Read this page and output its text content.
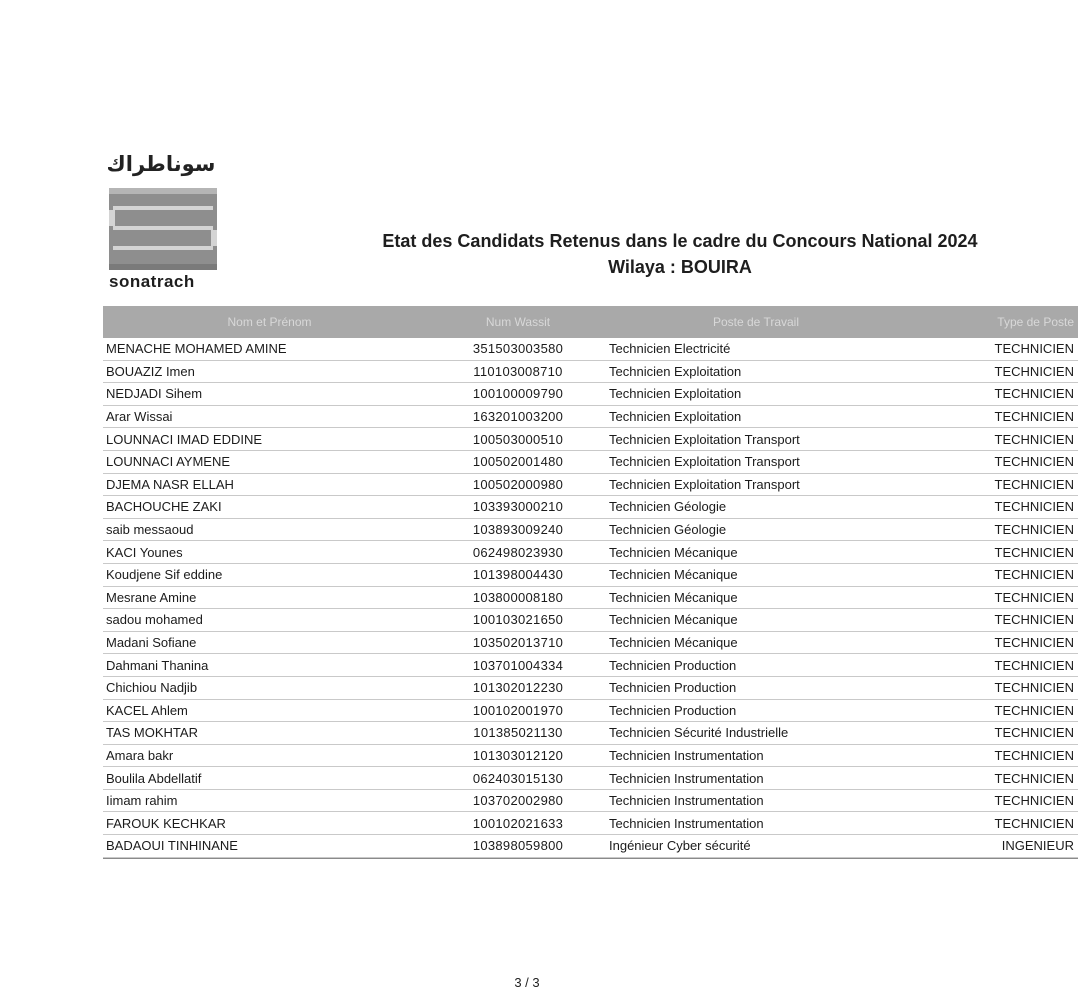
سوناطراك
sonatrach

Etat des Candidats Retenus dans le cadre du Concours National 2024

Wilaya : BOUIRA

Nom et Prénom	Num Wassit	Poste de Travail	Type de Poste
MENACHE MOHAMED AMINE	351503003580	Technicien Electricité	TECHNICIEN
BOUAZIZ Imen	110103008710	Technicien Exploitation	TECHNICIEN
NEDJADI Sihem	100100009790	Technicien Exploitation	TECHNICIEN
Arar Wissai	163201003200	Technicien Exploitation	TECHNICIEN
LOUNNACI IMAD EDDINE	100503000510	Technicien Exploitation Transport	TECHNICIEN
LOUNNACI AYMENE	100502001480	Technicien Exploitation Transport	TECHNICIEN
DJEMA NASR ELLAH	100502000980	Technicien Exploitation Transport	TECHNICIEN
BACHOUCHE ZAKI	103393000210	Technicien Géologie	TECHNICIEN
saib messaoud	103893009240	Technicien Géologie	TECHNICIEN
KACI Younes	062498023930	Technicien Mécanique	TECHNICIEN
Koudjene Sif eddine	101398004430	Technicien Mécanique	TECHNICIEN
Mesrane Amine	103800008180	Technicien Mécanique	TECHNICIEN
sadou mohamed	100103021650	Technicien Mécanique	TECHNICIEN
Madani Sofiane	103502013710	Technicien Mécanique	TECHNICIEN
Dahmani Thanina	103701004334	Technicien Production	TECHNICIEN
Chichiou Nadjib	101302012230	Technicien Production	TECHNICIEN
KACEL Ahlem	100102001970	Technicien Production	TECHNICIEN
TAS MOKHTAR	101385021130	Technicien Sécurité Industrielle	TECHNICIEN
Amara bakr	101303012120	Technicien Instrumentation	TECHNICIEN
Boulila Abdellatif	062403015130	Technicien Instrumentation	TECHNICIEN
Iimam rahim	103702002980	Technicien Instrumentation	TECHNICIEN
FAROUK KECHKAR	100102021633	Technicien Instrumentation	TECHNICIEN
BADAOUI TINHINANE	103898059800	Ingénieur Cyber sécurité	INGENIEUR
3 / 3
